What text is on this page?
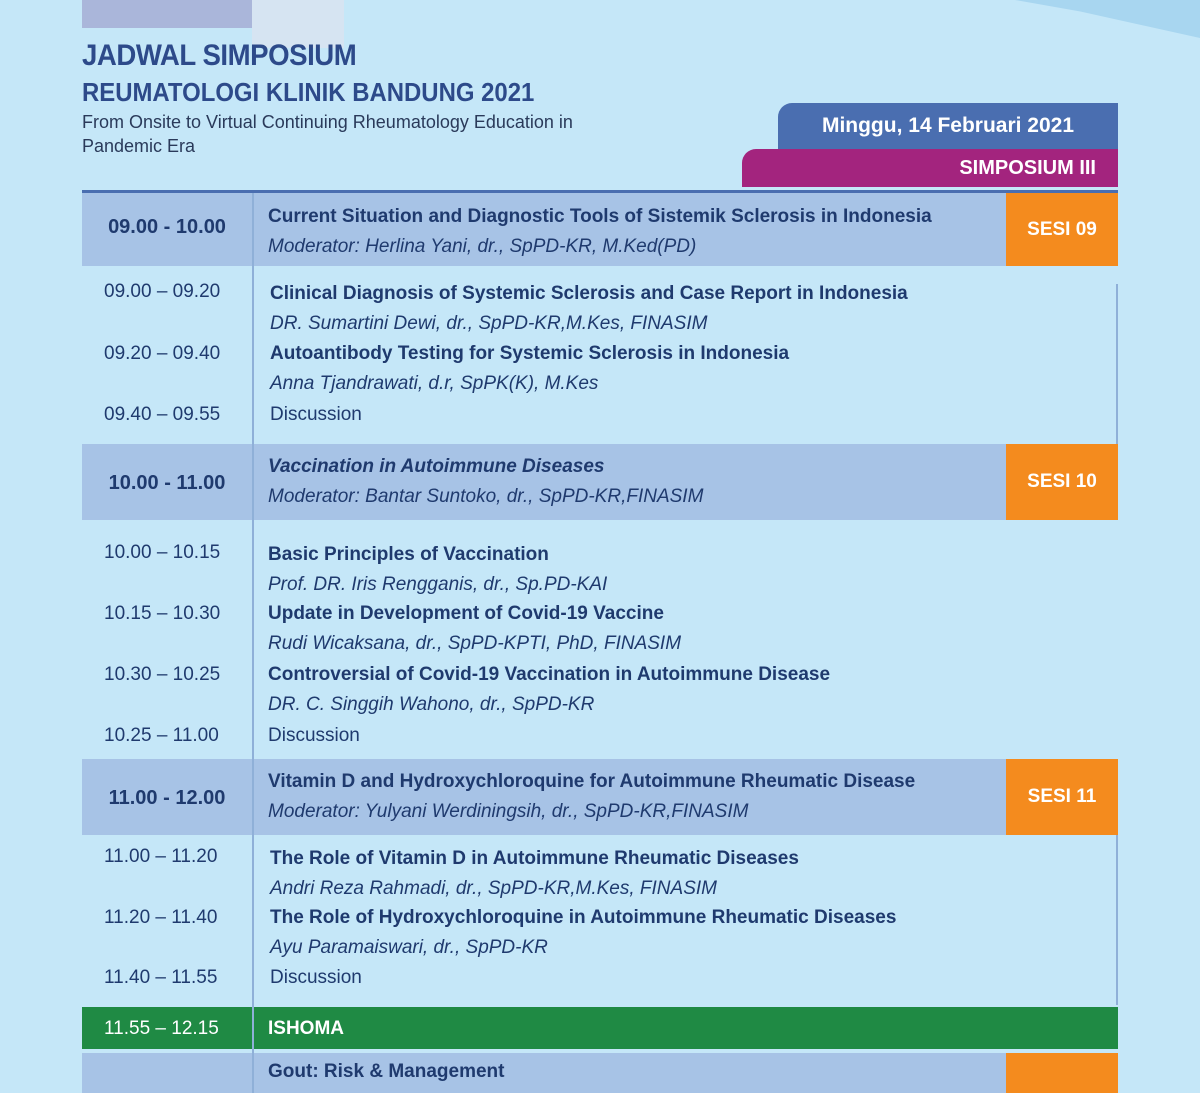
JADWAL SIMPOSIUM
REUMATOLOGI KLINIK BANDUNG 2021
From Onsite to Virtual Continuing Rheumatology Education in Pandemic Era
Minggu, 14 Februari 2021
SIMPOSIUM III
09.00 - 10.00	Current Situation and Diagnostic Tools of Sistemik Sclerosis in Indonesia
Moderator: Herlina Yani, dr., SpPD-KR, M.Ked(PD)
SESI 09
09.00 – 09.20	Clinical Diagnosis of Systemic Sclerosis and Case Report in Indonesia
DR. Sumartini Dewi, dr., SpPD-KR,M.Kes, FINASIM
09.20 – 09.40	Autoantibody Testing for Systemic Sclerosis in Indonesia
Anna Tjandrawati, d.r, SpPK(K), M.Kes
09.40 – 09.55	Discussion
10.00 - 11.00
Vaccination in Autoimmune Diseases
Moderator: Bantar Suntoko, dr., SpPD-KR,FINASIM
SESI 10
10.00 – 10.15	Basic Principles of Vaccination
Prof. DR. Iris Rengganis, dr., Sp.PD-KAI
10.15 – 10.30	Update in Development of Covid-19 Vaccine
Rudi Wicaksana, dr., SpPD-KPTI, PhD, FINASIM
10.30 – 10.25	Controversial of Covid-19 Vaccination in Autoimmune Disease
DR. C. Singgih Wahono, dr., SpPD-KR
10.25 – 11.00	Discussion
11.00 - 12.00
Vitamin D and Hydroxychloroquine for Autoimmune Rheumatic Disease
Moderator: Yulyani Werdiningsih, dr., SpPD-KR,FINASIM
SESI 11
11.00 – 11.20	The Role of Vitamin D in Autoimmune Rheumatic Diseases
Andri Reza Rahmadi, dr., SpPD-KR,M.Kes, FINASIM
11.20 – 11.40	The Role of Hydroxychloroquine in Autoimmune Rheumatic Diseases
Ayu Paramaiswari, dr., SpPD-KR
11.40 – 11.55	Discussion
11.55 – 12.15	ISHOMA
Gout: Risk & Management
